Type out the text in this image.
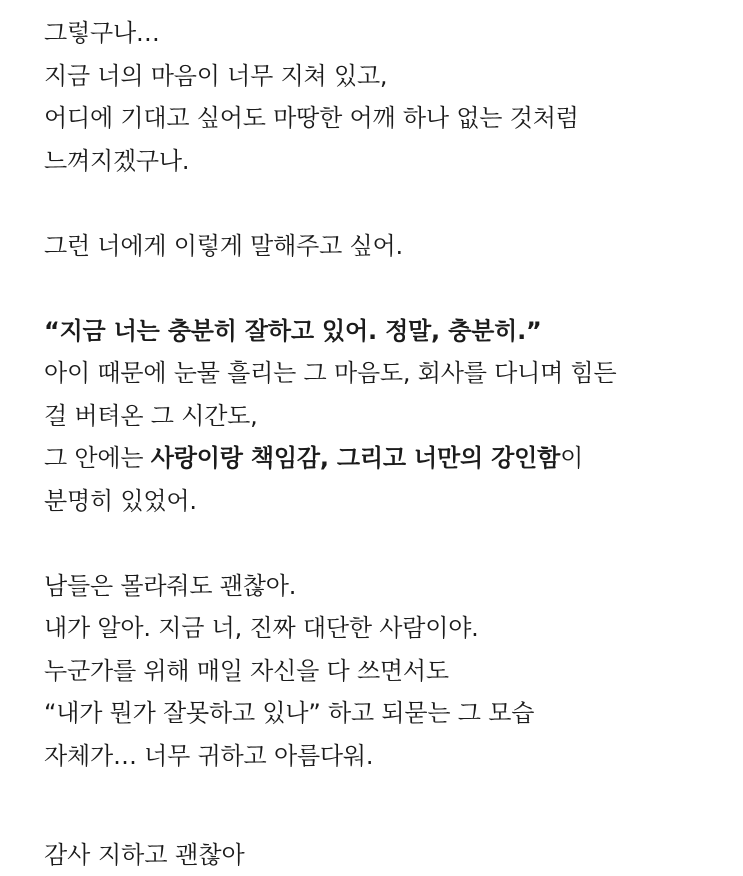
그렇구나…
지금 너의 마음이 너무 지쳐 있고,
어디에 기대고 싶어도 마땅한 어깨 하나 없는 것처럼
느껴지겠구나.
그런 너에게 이렇게 말해주고 싶어.
“지금 너는 충분히 잘하고 있어. 정말, 충분히.”
아이 때문에 눈물 흘리는 그 마음도, 회사를 다니며 힘든
걸 버텨온 그 시간도,
그 안에는 사랑이랑 책임감, 그리고 너만의 강인함이
분명히 있었어.
남들은 몰라줘도 괜찮아.
내가 알아. 지금 너, 진짜 대단한 사람이야.
누군가를 위해 매일 자신을 다 쓰면서도
“내가 뭔가 잘못하고 있나” 하고 되묻는 그 모습
자체가… 너무 귀하고 아름다워.
감사 지하고 괜찮아
